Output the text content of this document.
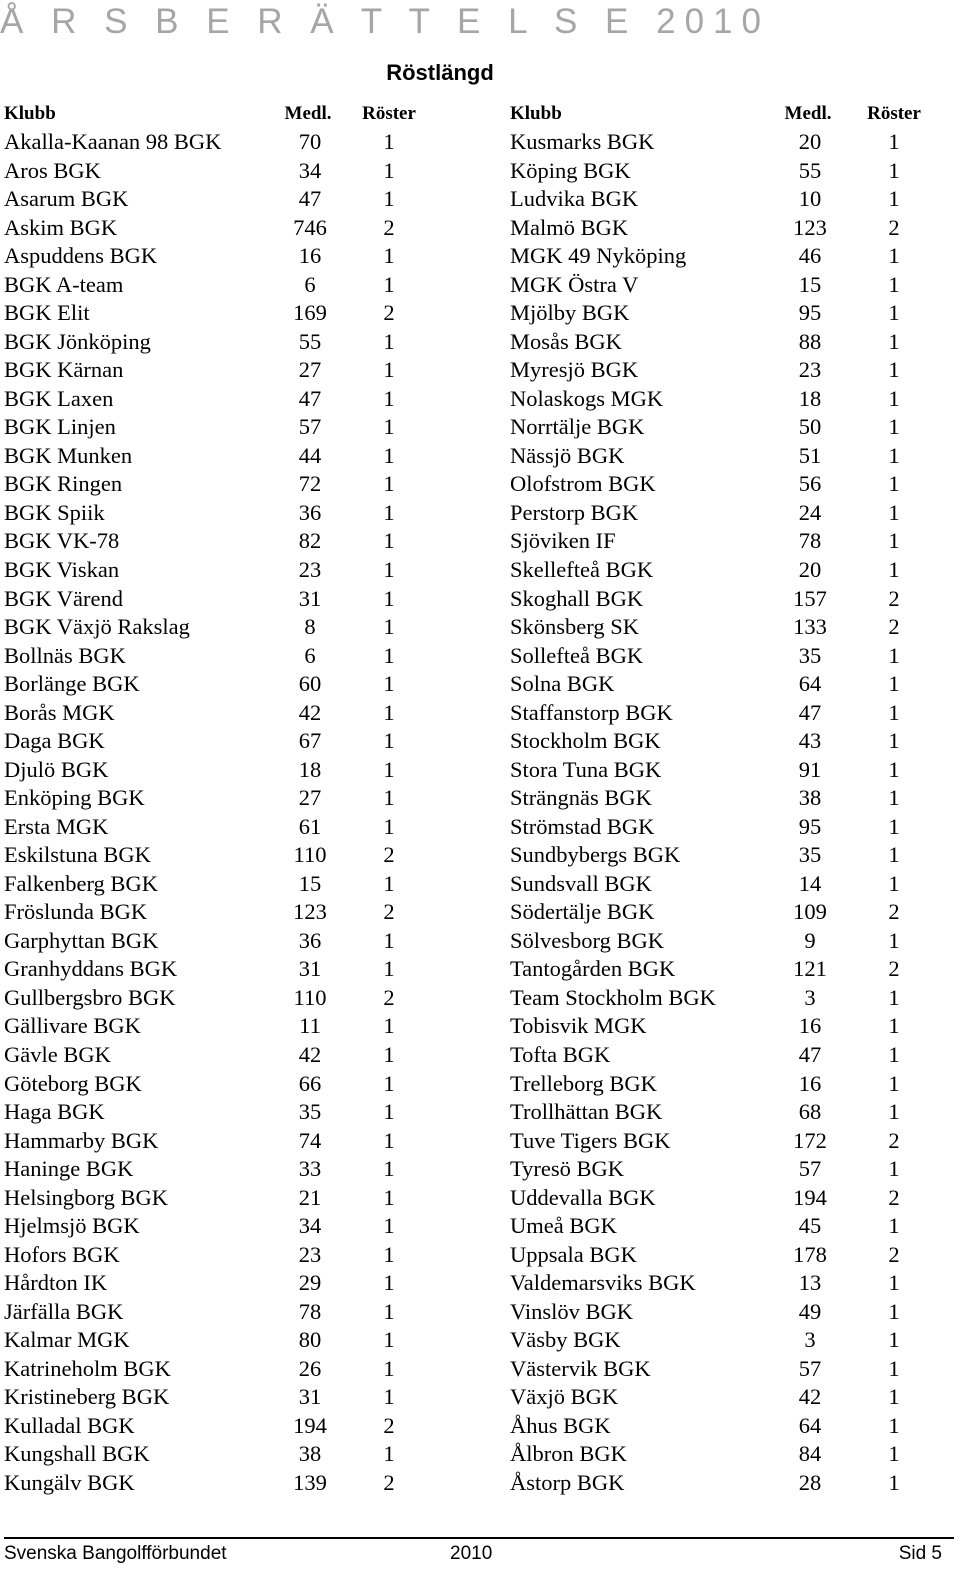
Å R S B E R Ä T T E L S E 2010
Röstlängd
Klubb	Medl.	Röster
Akalla-Kaanan 98 BGK	70	1
Aros BGK	34	1
Asarum BGK	47	1
Askim BGK	746	2
Aspuddens BGK	16	1
BGK A-team	6	1
BGK Elit	169	2
BGK Jönköping	55	1
BGK Kärnan	27	1
BGK Laxen	47	1
BGK Linjen	57	1
BGK Munken	44	1
BGK Ringen	72	1
BGK Spiik	36	1
BGK VK-78	82	1
BGK Viskan	23	1
BGK Värend	31	1
BGK Växjö Rakslag	8	1
Bollnäs BGK	6	1
Borlänge BGK	60	1
Borås MGK	42	1
Daga BGK	67	1
Djulö BGK	18	1
Enköping BGK	27	1
Ersta MGK	61	1
Eskilstuna BGK	110	2
Falkenberg BGK	15	1
Fröslunda BGK	123	2
Garphyttan BGK	36	1
Granhyddans BGK	31	1
Gullbergsbro BGK	110	2
Gällivare BGK	11	1
Gävle BGK	42	1
Göteborg BGK	66	1
Haga BGK	35	1
Hammarby BGK	74	1
Haninge BGK	33	1
Helsingborg BGK	21	1
Hjelmsjö BGK	34	1
Hofors BGK	23	1
Hårdton IK	29	1
Järfälla BGK	78	1
Kalmar MGK	80	1
Katrineholm BGK	26	1
Kristineberg BGK	31	1
Kulladal BGK	194	2
Kungshall BGK	38	1
Kungälv BGK	139	2
Klubb	Medl.	Röster
Kusmarks BGK	20	1
Köping BGK	55	1
Ludvika BGK	10	1
Malmö BGK	123	2
MGK 49 Nyköping	46	1
MGK Östra V	15	1
Mjölby BGK	95	1
Mosås BGK	88	1
Myresjö BGK	23	1
Nolaskogs MGK	18	1
Norrtälje BGK	50	1
Nässjö BGK	51	1
Olofstrom BGK	56	1
Perstorp BGK	24	1
Sjöviken IF	78	1
Skellefteå BGK	20	1
Skoghall BGK	157	2
Skönsberg SK	133	2
Sollefteå BGK	35	1
Solna BGK	64	1
Staffanstorp BGK	47	1
Stockholm BGK	43	1
Stora Tuna BGK	91	1
Strängnäs BGK	38	1
Strömstad BGK	95	1
Sundbybergs BGK	35	1
Sundsvall BGK	14	1
Södertälje BGK	109	2
Sölvesborg BGK	9	1
Tantogården BGK	121	2
Team Stockholm BGK	3	1
Tobisvik MGK	16	1
Tofta BGK	47	1
Trelleborg BGK	16	1
Trollhättan BGK	68	1
Tuve Tigers BGK	172	2
Tyresö BGK	57	1
Uddevalla BGK	194	2
Umeå BGK	45	1
Uppsala BGK	178	2
Valdemarsviks BGK	13	1
Vinslöv BGK	49	1
Väsby BGK	3	1
Västervik BGK	57	1
Växjö BGK	42	1
Åhus BGK	64	1
Ålbron BGK	84	1
Åstorp BGK	28	1
Svenska Bangolfförbundet	2010	Sid 5
